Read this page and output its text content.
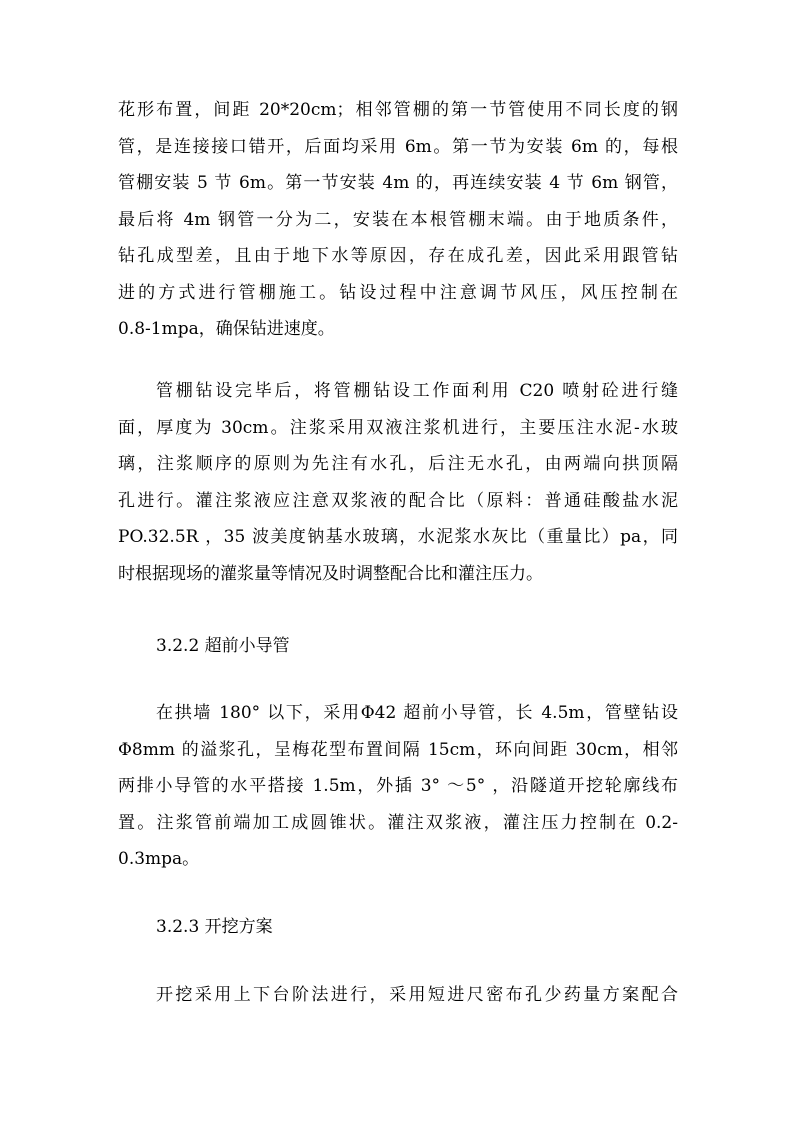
花形布置，间距 20*20cm；相邻管棚的第一节管使用不同长度的钢
管，是连接接口错开，后面均采用 6m。第一节为安装 6m 的，每根
管棚安装 5 节 6m。第一节安装 4m 的，再连续安装 4 节 6m 钢管，
最后将 4m 钢管一分为二，安装在本根管棚末端。由于地质条件，
钻孔成型差，且由于地下水等原因，存在成孔差，因此采用跟管钻
进的方式进行管棚施工。钻设过程中注意调节风压，风压控制在
0.8-1mpa，确保钻进速度。
管棚钻设完毕后，将管棚钻设工作面利用 C20 喷射砼进行缝
面，厚度为 30cm。注浆采用双液注浆机进行，主要压注水泥-水玻
璃，注浆顺序的原则为先注有水孔，后注无水孔，由两端向拱顶隔
孔进行。灌注浆液应注意双浆液的配合比（原料：普通硅酸盐水泥
PO.32.5R ，35 波美度钠基水玻璃，水泥浆水灰比（重量比）pa，同
时根据现场的灌浆量等情况及时调整配合比和灌注压力。
3.2.2 超前小导管
在拱墙 180° 以下，采用Φ42 超前小导管，长 4.5m，管壁钻设
Φ8mm 的溢浆孔，呈梅花型布置间隔 15cm，环向间距 30cm，相邻
两排小导管的水平搭接 1.5m，外插 3° ～5° ，沿隧道开挖轮廓线布
置。注浆管前端加工成圆锥状。灌注双浆液，灌注压力控制在 0.2-
0.3mpa。
3.2.3 开挖方案
开挖采用上下台阶法进行，采用短进尺密布孔少药量方案配合
